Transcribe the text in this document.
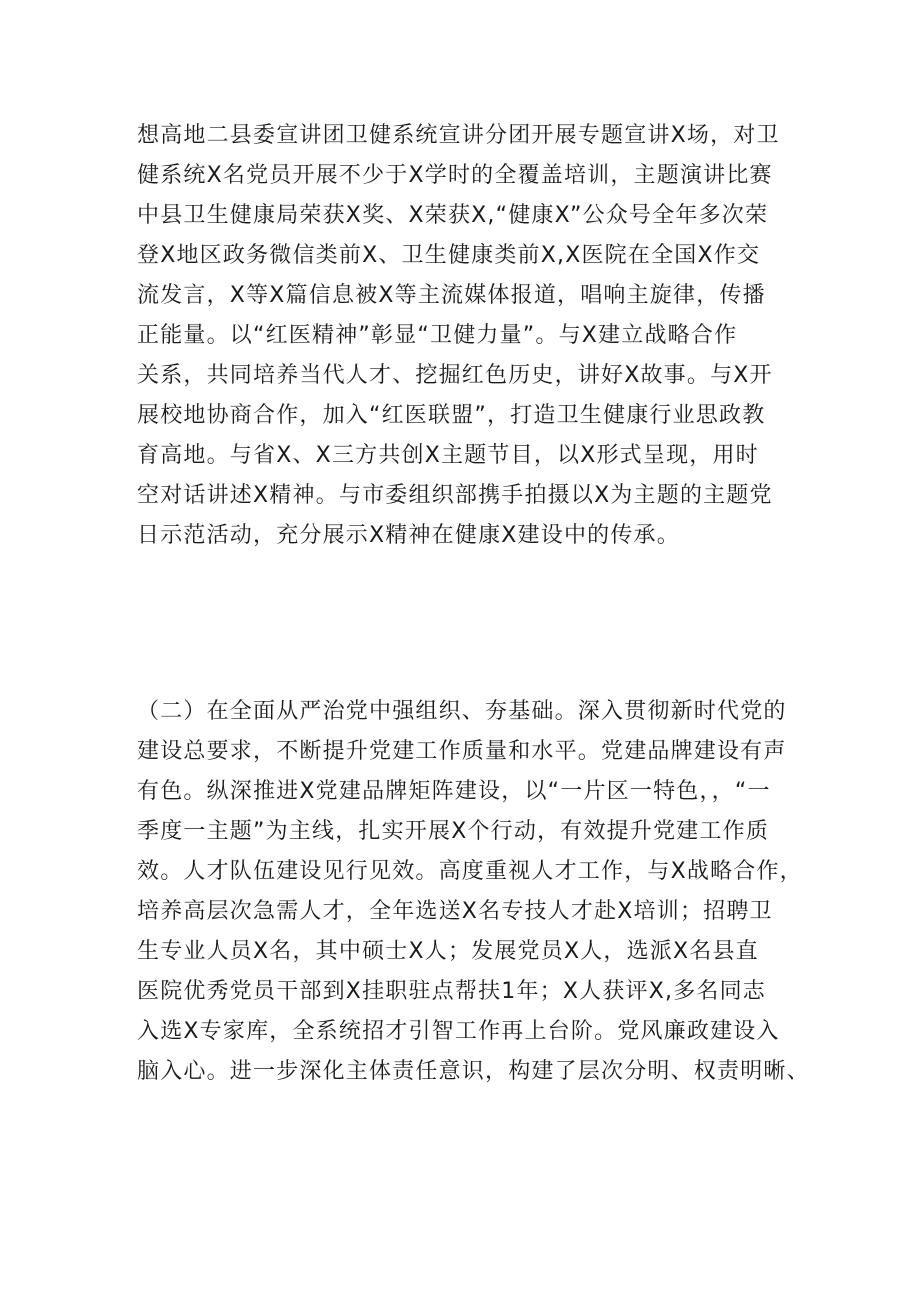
想高地二县委宣讲团卫健系统宣讲分团开展专题宣讲X场，对卫
健系统X名党员开展不少于X学时的全覆盖培训，主题演讲比赛
中县卫生健康局荣获X奖、X荣获X,“健康X”公众号全年多次荣
登X地区政务微信类前X、卫生健康类前X,X医院在全国X作交
流发言，X等X篇信息被X等主流媒体报道，唱响主旋律，传播
正能量。以“红医精神”彰显“卫健力量”。与X建立战略合作
关系，共同培养当代人才、挖掘红色历史，讲好X故事。与X开
展校地协商合作，加入“红医联盟”，打造卫生健康行业思政教
育高地。与省X、X三方共创X主题节目，以X形式呈现，用时
空对话讲述X精神。与市委组织部携手拍摄以X为主题的主题党
日示范活动，充分展示X精神在健康X建设中的传承。
（二）在全面从严治党中强组织、夯基础。深入贯彻新时代党的
建设总要求，不断提升党建工作质量和水平。党建品牌建设有声
有色。纵深推进X党建品牌矩阵建设，以“一片区一特色，，“一
季度一主题”为主线，扎实开展X个行动，有效提升党建工作质
效。人才队伍建设见行见效。高度重视人才工作，与X战略合作，
培养高层次急需人才，全年选送X名专技人才赴X培训；招聘卫
生专业人员X名，其中硕士X人；发展党员X人，选派X名县直
医院优秀党员干部到X挂职驻点帮扶1年；X人获评X,多名同志
入选X专家库，全系统招才引智工作再上台阶。党风廉政建设入
脑入心。进一步深化主体责任意识，构建了层次分明、权责明晰、
